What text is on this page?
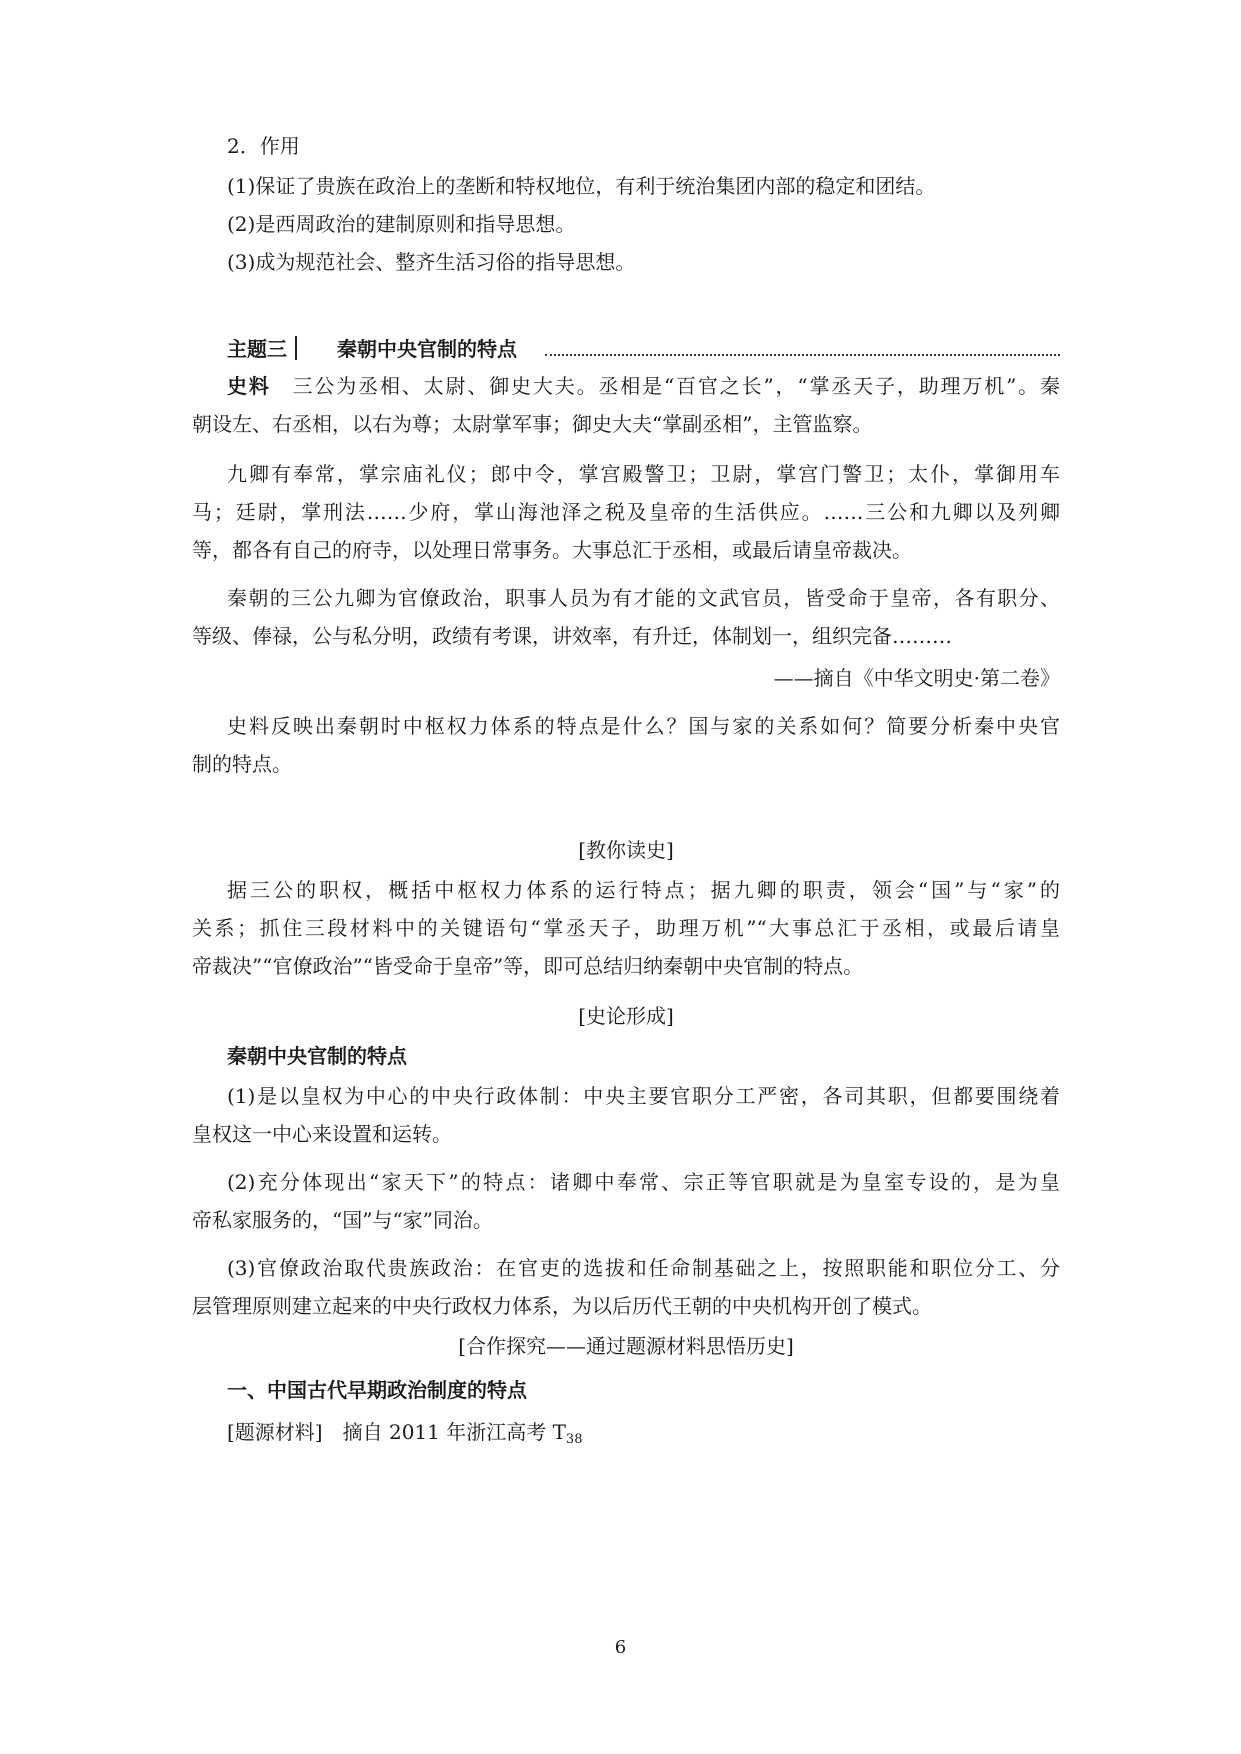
2．作用
(1)保证了贵族在政治上的垄断和特权地位，有利于统治集团内部的稳定和团结。
(2)是西周政治的建制原则和指导思想。
(3)成为规范社会、整齐生活习俗的指导思想。
主题三	秦朝中央官制的特点
史料　 三公为丞相、太尉、御史大夫。丞相是“百官之长”，“掌丞天子，助理万机”。秦
朝设左、右丞相，以右为尊；太尉掌军事；御史大夫“掌副丞相”，主管监察。
九卿有奉常，掌宗庙礼仪；郎中令，掌宫殿警卫；卫尉，掌宫门警卫；太仆，掌御用车
马；廷尉，掌刑法……少府，掌山海池泽之税及皇帝的生活供应。……三公和九卿以及列卿
等，都各有自己的府寺，以处理日常事务。大事总汇于丞相，或最后请皇帝裁决。
秦朝的三公九卿为官僚政治，职事人员为有才能的文武官员，皆受命于皇帝，各有职分、
等级、俸禄，公与私分明，政绩有考课，讲效率，有升迁，体制划一，组织完备………
——摘自《中华文明史·第二卷》
史料反映出秦朝时中枢权力体系的特点是什么？国与家的关系如何？简要分析秦中央官
制的特点。
[教你读史]
据三公的职权，概括中枢权力体系的运行特点；据九卿的职责，领会“国”与“家”的
关系；抓住三段材料中的关键语句“掌丞天子，助理万机”“大事总汇于丞相，或最后请皇
帝裁决”“官僚政治”“皆受命于皇帝”等，即可总结归纳秦朝中央官制的特点。
[史论形成]
秦朝中央官制的特点
(1)是以皇权为中心的中央行政体制：中央主要官职分工严密，各司其职，但都要围绕着
皇权这一中心来设置和运转。
(2)充分体现出“家天下”的特点：诸卿中奉常、宗正等官职就是为皇室专设的，是为皇
帝私家服务的，“国”与“家”同治。
(3)官僚政治取代贵族政治：在官吏的选拔和任命制基础之上，按照职能和职位分工、分
层管理原则建立起来的中央行政权力体系，为以后历代王朝的中央机构开创了模式。
[合作探究——通过题源材料思悟历史]
一、中国古代早期政治制度的特点
[题源材料]　 摘自 2011 年浙江高考 $T_{38}$
6
